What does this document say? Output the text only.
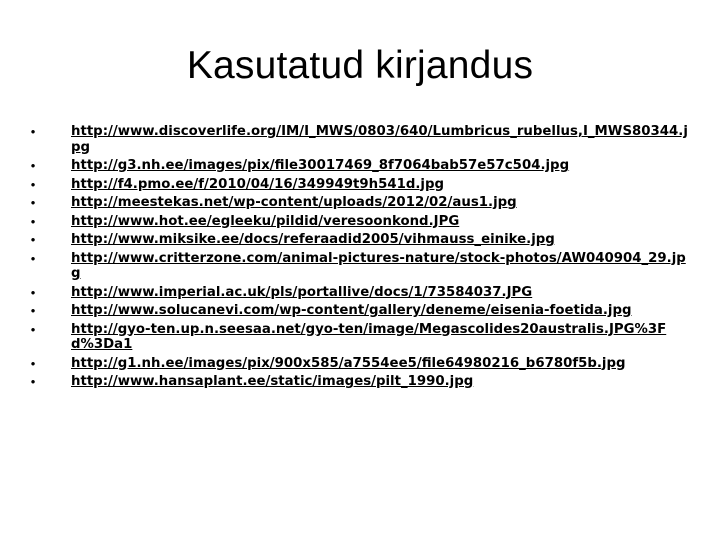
Kasutatud kirjandus
•	http://www.discoverlife.org/IM/I_MWS/0803/640/Lumbricus_rubellus,I_MWS80344.jpg
•	http://g3.nh.ee/images/pix/file30017469_8f7064bab57e57c504.jpg
•	http://f4.pmo.ee/f/2010/04/16/349949t9h541d.jpg
•	http://meestekas.net/wp-content/uploads/2012/02/aus1.jpg
•	http://www.hot.ee/egleeku/pildid/veresoonkond.JPG
•	http://www.miksike.ee/docs/referaadid2005/vihmauss_einike.jpg
•	http://www.critterzone.com/animal-pictures-nature/stock-photos/AW040904_29.jpg
•	http://www.imperial.ac.uk/pls/portallive/docs/1/73584037.JPG
•	http://www.solucanevi.com/wp-content/gallery/deneme/eisenia-foetida.jpg
•	http://gyo-ten.up.n.seesaa.net/gyo-ten/image/Megascolides20australis.JPG%3Fd%3Da1
•	http://g1.nh.ee/images/pix/900x585/a7554ee5/file64980216_b6780f5b.jpg
•	http://www.hansaplant.ee/static/images/pilt_1990.jpg
